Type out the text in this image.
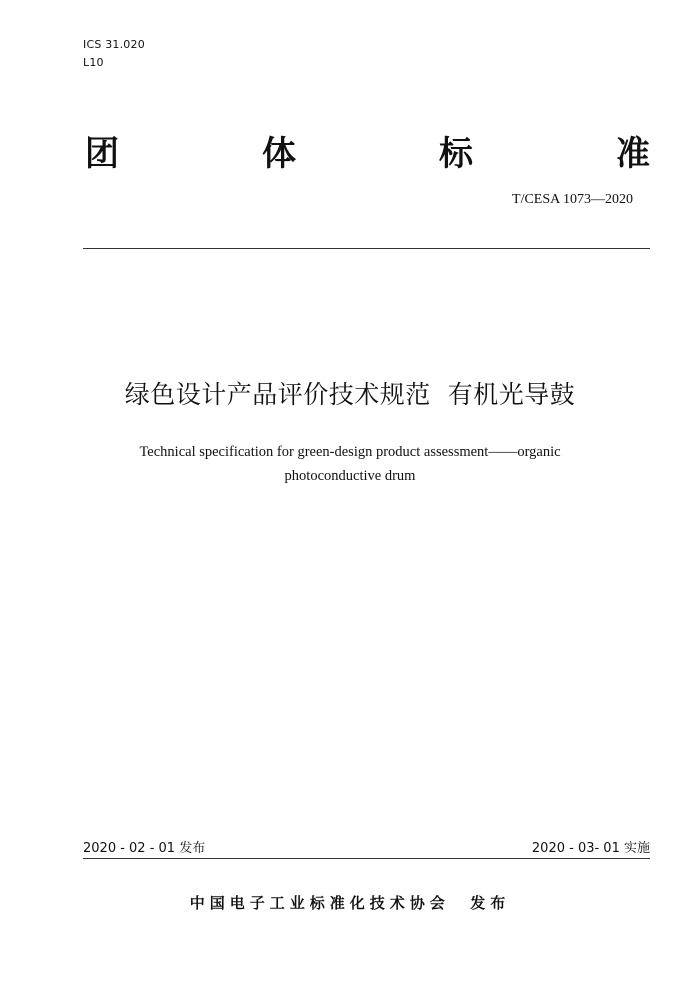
ICS 31.020
L10
团	体	标	准
T/CESA 1073—2020
绿色设计产品评价技术规范  有机光导鼓
Technical specification for green-design product assessment——organic
photoconductive drum
2020 - 02 - 01 发布	2020 - 03- 01 实施
中国电子工业标准化技术协会  发布
